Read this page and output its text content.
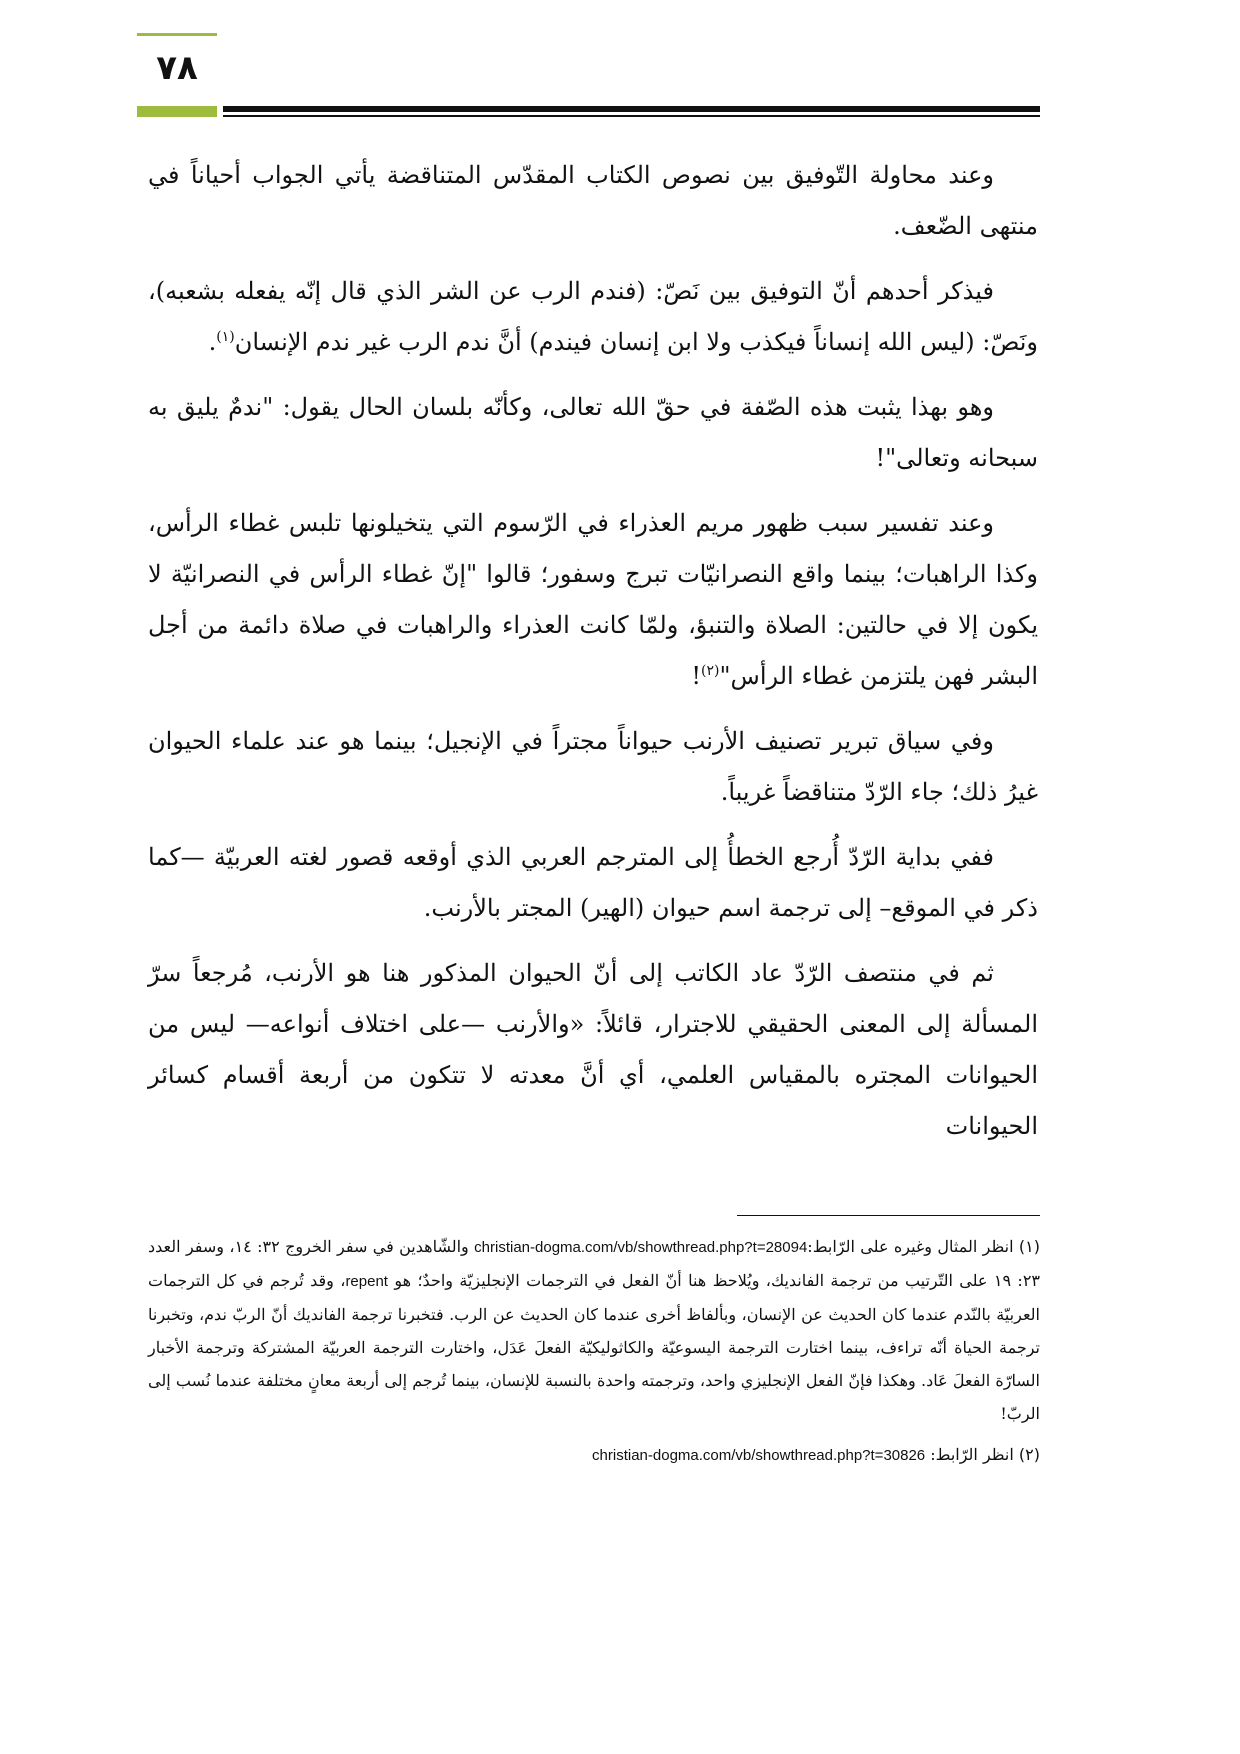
٧٨

وعند محاولة التّوفيق بين نصوص الكتاب المقدّس المتناقضة يأتي الجواب أحياناً في منتهى الضّعف.

فيذكر أحدهم أنّ التوفيق بين نَصّ: (فندم الرب عن الشر الذي قال إنّه يفعله بشعبه)، ونَصّ: (ليس الله إنساناً فيكذب ولا ابن إنسان فيندم) أنَّ ندم الرب غير ندم الإنسان$^{(١)}$.

وهو بهذا يثبت هذه الصّفة في حقّ الله تعالى، وكأنّه بلسان الحال يقول: "ندمٌ يليق به سبحانه وتعالى"!

وعند تفسير سبب ظهور مريم العذراء في الرّسوم التي يتخيلونها تلبس غطاء الرأس، وكذا الراهبات؛ بينما واقع النصرانيّات تبرج وسفور؛ قالوا "إنّ غطاء الرأس في النصرانيّة لا يكون إلا في حالتين: الصلاة والتنبؤ، ولمّا كانت العذراء والراهبات في صلاة دائمة من أجل البشر فهن يلتزمن غطاء الرأس"$^{(٢)}$!

وفي سياق تبرير تصنيف الأرنب حيواناً مجتراً في الإنجيل؛ بينما هو عند علماء الحيوان غيرُ ذلك؛ جاء الرّدّ متناقضاً غريباً.

ففي بداية الرّدّ أُرجع الخطأُ إلى المترجم العربي الذي أوقعه قصور لغته العربيّة —كما ذكر في الموقع– إلى ترجمة اسم حيوان (الهير) المجتر بالأرنب.

ثم في منتصف الرّدّ عاد الكاتب إلى أنّ الحيوان المذكور هنا هو الأرنب، مُرجعاً سرّ المسألة إلى المعنى الحقيقي للاجترار، قائلاً: «والأرنب —على اختلاف أنواعه— ليس من الحيوانات المجتره بالمقياس العلمي، أي أنَّ معدته لا تتكون من أربعة أقسام كسائر الحيوانات

(١) انظر المثال وغيره على الرّابط:christian-dogma.com/vb/showthread.php?t=28094 والشّاهدين في سفر الخروج ٣٢: ١٤، وسفر العدد ٢٣: ١٩ على التّرتيب من ترجمة الفانديك، ويُلاحظ هنا أنّ الفعل في الترجمات الإنجليزيّة واحدٌ؛ هو repent، وقد تُرجم في كل الترجمات العربيّة بالنّدم عندما كان الحديث عن الإنسان، وبألفاظ أخرى عندما كان الحديث عن الرب. فتخبرنا ترجمة الفانديك أنّ الربّ ندم، وتخبرنا ترجمة الحياة أنّه تراءف، بينما اختارت الترجمة اليسوعيّة والكاثوليكيّة الفعلَ عَدَل، واختارت الترجمة العربيّة المشتركة وترجمة الأخبار السارّة الفعلَ عَاد. وهكذا فإنّ الفعل الإنجليزي واحد، وترجمته واحدة بالنسبة للإنسان، بينما تُرجم إلى أربعة معانٍ مختلفة عندما نُسب إلى الربّ!
(٢) انظر الرّابط: christian-dogma.com/vb/showthread.php?t=30826
